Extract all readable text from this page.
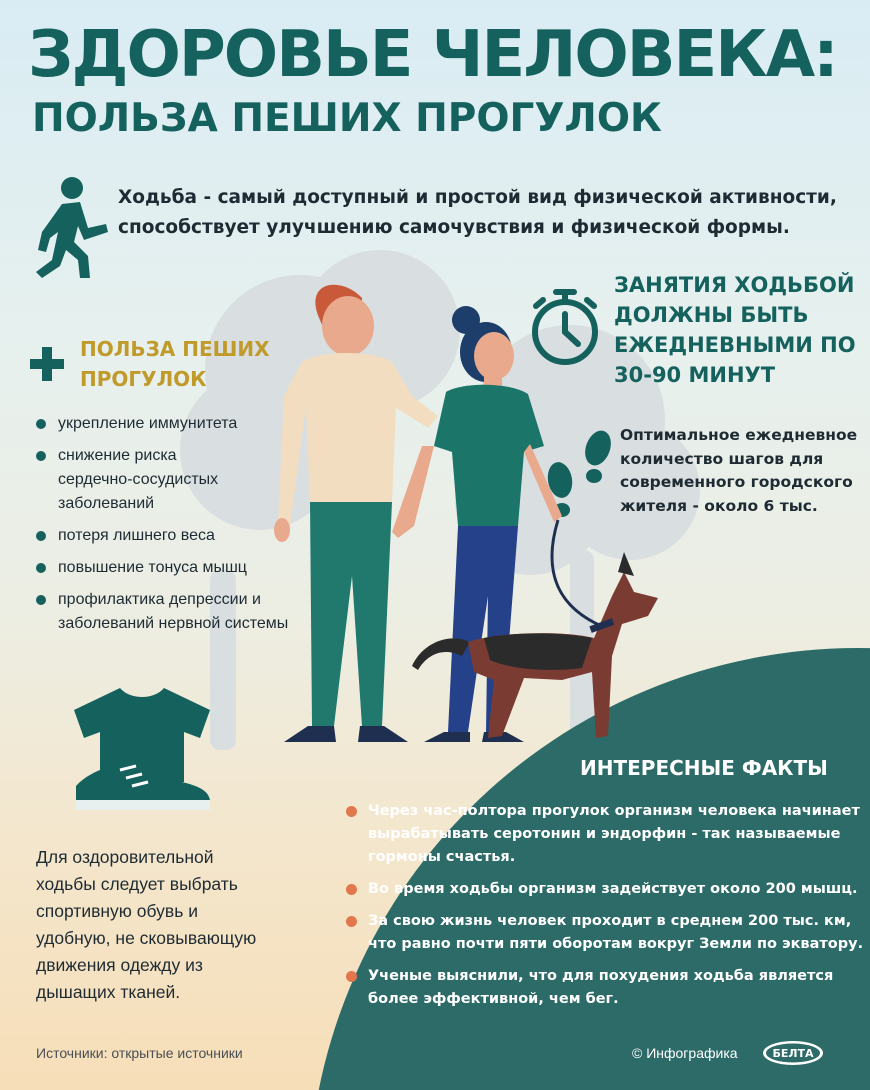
ЗДОРОВЬЕ ЧЕЛОВЕКА:
ПОЛЬЗА ПЕШИХ ПРОГУЛОК
Ходьба - самый доступный и простой вид физической активности,
способствует улучшению самочувствия и физической формы.
ЗАНЯТИЯ ХОДЬБОЙ
ДОЛЖНЫ БЫТЬ
ЕЖЕДНЕВНЫМИ ПО
30-90 МИНУТ
Оптимальное ежедневное
количество шагов для
современного городского
жителя - около 6 тыс.
ПОЛЬЗА ПЕШИХ
ПРОГУЛОК
укрепление иммунитета
снижение риска
сердечно-сосудистых
заболеваний
потеря лишнего веса
повышение тонуса мышц
профилактика депрессии и
заболеваний нервной системы
Для оздоровительной
ходьбы следует выбрать
спортивную обувь и
удобную, не сковывающую
движения одежду из
дышащих тканей.
ИНТЕРЕСНЫЕ ФАКТЫ
Через час-полтора прогулок организм человека начинает
вырабатывать серотонин и эндорфин - так называемые
гормоны счастья.
Во время ходьбы организм задействует около 200 мышц.
За свою жизнь человек проходит в среднем 200 тыс. км,
что равно почти пяти оборотам вокруг Земли по экватору.
Ученые выяснили, что для похудения ходьба является
более эффективной, чем бег.
Источники: открытые источники	© Инфографика	БЕЛТА
